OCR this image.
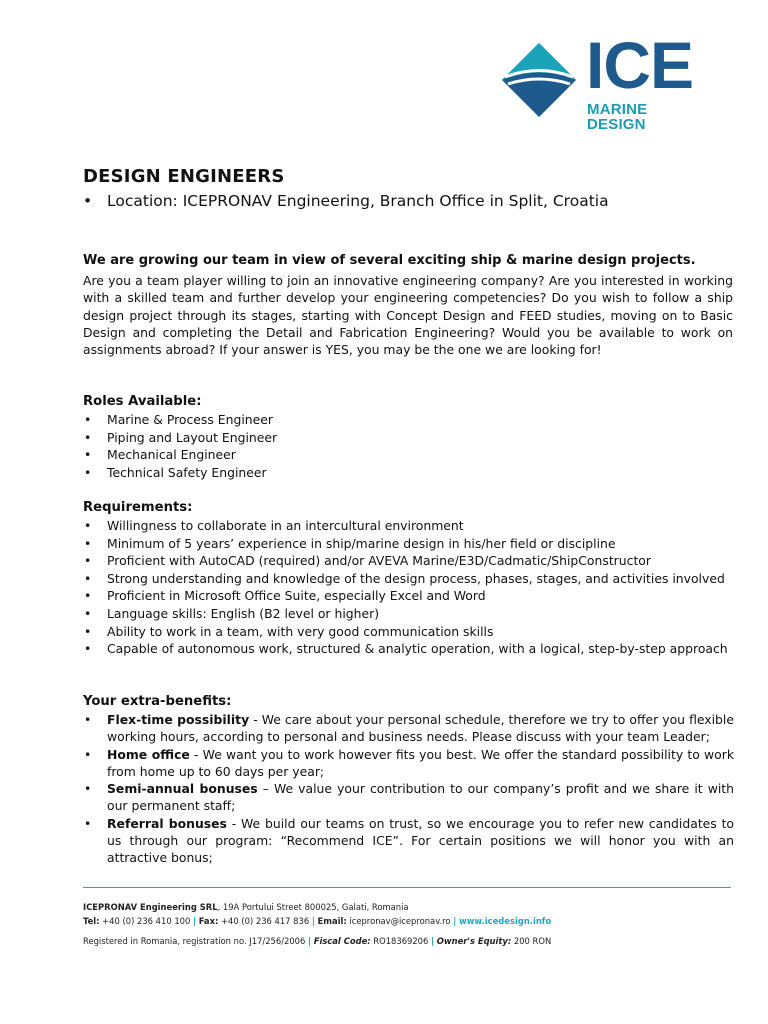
ICE
MARINE DESIGN
DESIGN ENGINEERS
• Location: ICEPRONAV Engineering, Branch Office in Split, Croatia
We are growing our team in view of several exciting ship & marine design projects.
Are you a team player willing to join an innovative engineering company? Are you interested in working with a skilled team and further develop your engineering competencies? Do you wish to follow a ship design project through its stages, starting with Concept Design and FEED studies, moving on to Basic Design and completing the Detail and Fabrication Engineering? Would you be available to work on assignments abroad? If your answer is YES, you may be the one we are looking for!
Roles Available:
• Marine & Process Engineer
• Piping and Layout Engineer
• Mechanical Engineer
• Technical Safety Engineer
Requirements:
• Willingness to collaborate in an intercultural environment
• Minimum of 5 years’ experience in ship/marine design in his/her field or discipline
• Proficient with AutoCAD (required) and/or AVEVA Marine/E3D/Cadmatic/ShipConstructor
• Strong understanding and knowledge of the design process, phases, stages, and activities involved
• Proficient in Microsoft Office Suite, especially Excel and Word
• Language skills: English (B2 level or higher)
• Ability to work in a team, with very good communication skills
• Capable of autonomous work, structured & analytic operation, with a logical, step-by-step approach
Your extra-benefits:
• Flex-time possibility - We care about your personal schedule, therefore we try to offer you flexible working hours, according to personal and business needs. Please discuss with your team Leader;
• Home office - We want you to work however fits you best. We offer the standard possibility to work from home up to 60 days per year;
• Semi-annual bonuses – We value your contribution to our company’s profit and we share it with our permanent staff;
• Referral bonuses - We build our teams on trust, so we encourage you to refer new candidates to us through our program: “Recommend ICE”. For certain positions we will honor you with an attractive bonus;
ICEPRONAV Engineering SRL, 19A Portului Street 800025, Galati, Romania
Tel: +40 (0) 236 410 100 | Fax: +40 (0) 236 417 836 | Email: icepronav@icepronav.ro | www.icedesign.info
Registered in Romania, registration no. J17/256/2006 | Fiscal Code: RO18369206 | Owner's Equity: 200 RON
